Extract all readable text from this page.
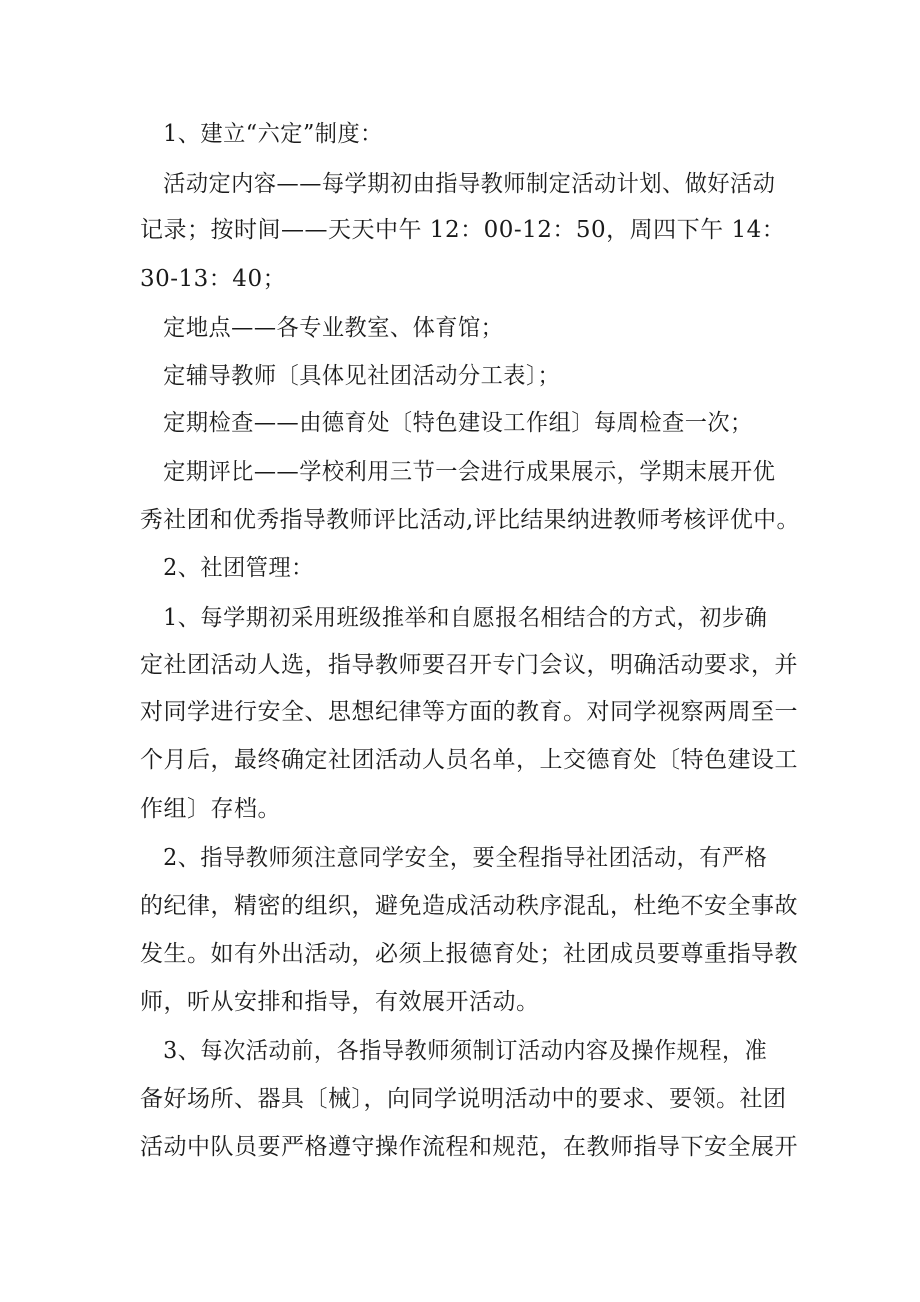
1、建立“六定”制度：
活动定内容——每学期初由指导教师制定活动计划、做好活动
记录；按时间——天天中午 12：00-12：50，周四下午 14：
30-13：40；
定地点——各专业教室、体育馆；
定辅导教师〔具体见社团活动分工表〕；
定期检查——由德育处〔特色建设工作组〕每周检查一次；
定期评比——学校利用三节一会进行成果展示，学期末展开优
秀社团和优秀指导教师评比活动,评比结果纳进教师考核评优中。
2、社团管理：
1、每学期初采用班级推举和自愿报名相结合的方式，初步确
定社团活动人选，指导教师要召开专门会议，明确活动要求，并
对同学进行安全、思想纪律等方面的教育。对同学视察两周至一
个月后，最终确定社团活动人员名单，上交德育处〔特色建设工
作组〕存档。
2、指导教师须注意同学安全，要全程指导社团活动，有严格
的纪律，精密的组织，避免造成活动秩序混乱，杜绝不安全事故
发生。如有外出活动，必须上报德育处；社团成员要尊重指导教
师，听从安排和指导，有效展开活动。
3、每次活动前，各指导教师须制订活动内容及操作规程，准
备好场所、器具〔械〕，向同学说明活动中的要求、要领。社团
活动中队员要严格遵守操作流程和规范，在教师指导下安全展开
